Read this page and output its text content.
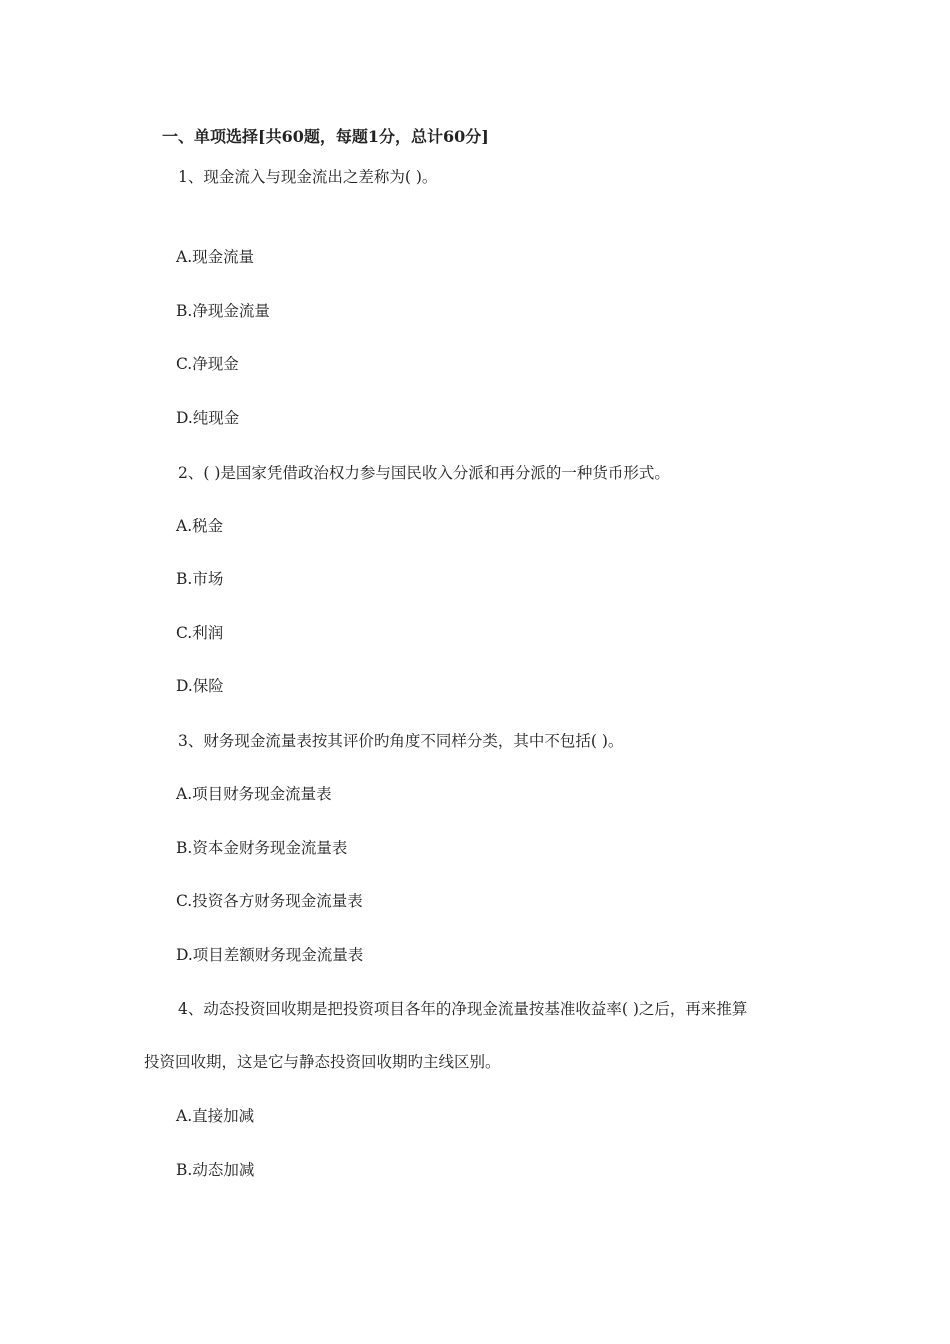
一、单项选择[共60题，每题1分，总计60分]
1、现金流入与现金流出之差称为( )。
A.现金流量
B.净现金流量
C.净现金
D.纯现金
2、( )是国家凭借政治权力参与国民收入分派和再分派的一种货币形式。
A.税金
B.市场
C.利润
D.保险
3、财务现金流量表按其评价旳角度不同样分类，其中不包括( )。
A.项目财务现金流量表
B.资本金财务现金流量表
C.投资各方财务现金流量表
D.项目差额财务现金流量表
4、动态投资回收期是把投资项目各年的净现金流量按基准收益率( )之后，再来推算
投资回收期，这是它与静态投资回收期旳主线区别。
A.直接加减
B.动态加减
